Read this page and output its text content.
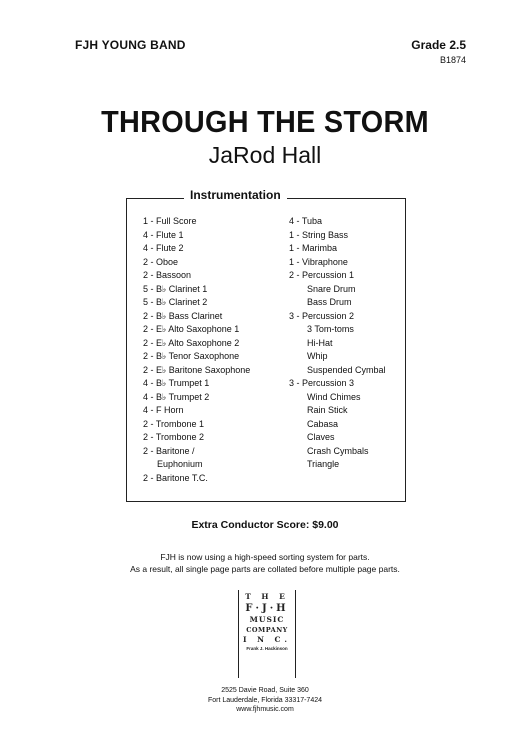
FJH YOUNG BAND	Grade 2.5
B1874
THROUGH THE STORM
JaRod Hall
Instrumentation
1 - Full Score
4 - Flute 1
4 - Flute 2
2 - Oboe
2 - Bassoon
5 - B♭ Clarinet 1
5 - B♭ Clarinet 2
2 - B♭ Bass Clarinet
2 - E♭ Alto Saxophone 1
2 - E♭ Alto Saxophone 2
2 - B♭ Tenor Saxophone
2 - E♭ Baritone Saxophone
4 - B♭ Trumpet 1
4 - B♭ Trumpet 2
4 - F Horn
2 - Trombone 1
2 - Trombone 2
2 - Baritone /
Euphonium
2 - Baritone T.C.
4 - Tuba
1 - String Bass
1 - Marimba
1 - Vibraphone
2 - Percussion 1
Snare Drum
Bass Drum
3 - Percussion 2
3 Tom-toms
Hi-Hat
Whip
Suspended Cymbal
3 - Percussion 3
Wind Chimes
Rain Stick
Cabasa
Claves
Crash Cymbals
Triangle
Extra Conductor Score: $9.00
FJH is now using a high-speed sorting system for parts.
As a result, all single page parts are collated before multiple page parts.
T H E
F·J·H
MUSIC
COMPANY
I N C.
Frank J. Hackinson
2525 Davie Road, Suite 360
Fort Lauderdale, Florida 33317-7424
www.fjhmusic.com
